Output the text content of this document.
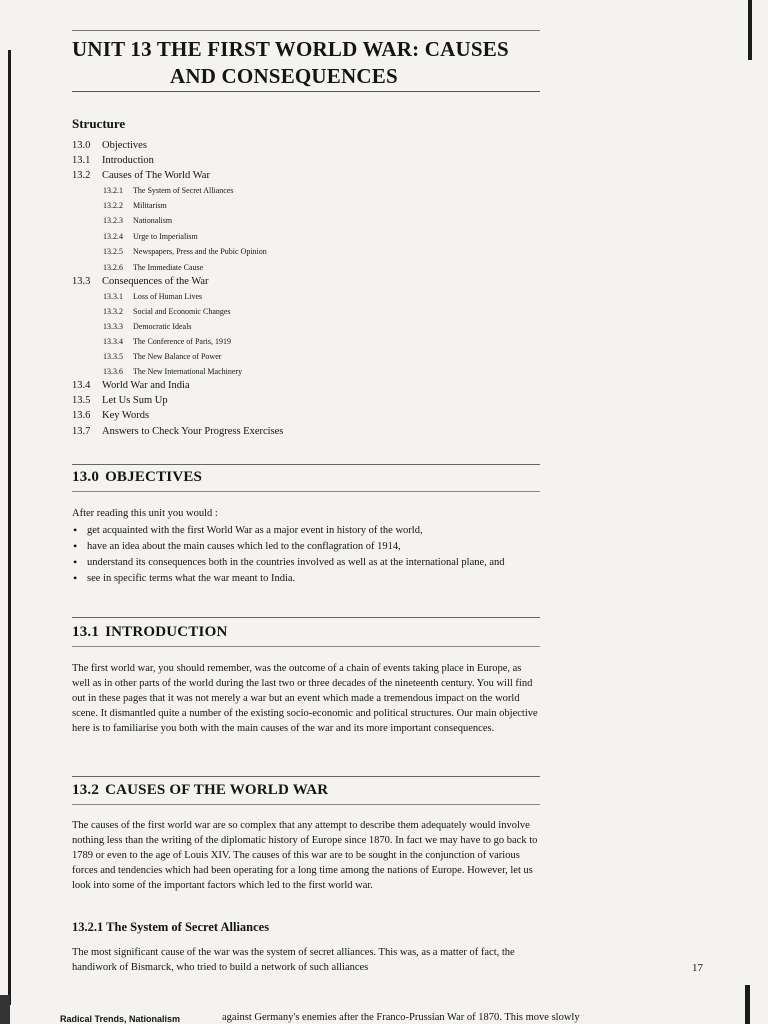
UNIT 13 THE FIRST WORLD WAR: CAUSES
AND CONSEQUENCES
Structure
13.0 Objectives
13.1 Introduction
13.2 Causes of The World War
13.2.1 The System of Secret Alliances
13.2.2 Militarism
13.2.3 Nationalism
13.2.4 Urge to Imperialism
13.2.5 Newspapers, Press and the Pubic Opinion
13.2.6 The Immediate Cause
13.3 Consequences of the War
13.3.1 Loss of Human Lives
13.3.2 Social and Economic Changes
13.3.3 Democratic Ideals
13.3.4 The Conference of Paris, 1919
13.3.5 The New Balance of Power
13.3.6 The New International Machinery
13.4 World War and India
13.5 Let Us Sum Up
13.6 Key Words
13.7 Answers to Check Your Progress Exercises
13.0 OBJECTIVES

After reading this unit you would :

• get acquainted with the first World War as a major event in history of the world,
• have an idea about the main causes which led to the conflagration of 1914,
• understand its consequences both in the countries involved as well as at the international plane, and
• see in specific terms what the war meant to India.
13.1 INTRODUCTION

The first world war, you should remember, was the outcome of a chain of events taking place in Europe, as well as in other parts of the world during the last two or three decades of the nineteenth century. You will find out in these pages that it was not merely a war but an event which made a tremendous impact on the world scene. It dismantled quite a number of the existing socio-economic and political structures. Our main objective here is to familiarise you both with the main causes of the war and its more important consequences.

13.2 CAUSES OF THE WORLD WAR

The causes of the first world war are so complex that any attempt to describe them adequately would involve nothing less than the writing of the diplomatic history of Europe since 1870. In fact we may have to go back to 1789 or even to the age of Louis XIV. The causes of this war are to be sought in the conjunction of various forces and tendencies which had been operating for a long time among the nations of Europe. However, let us look into some of the important factors which led to the first world war.

13.2.1 The System of Secret Alliances

The most significant cause of the war was the system of secret alliances. This was, as a matter of fact, the handiwork of Bismarck, who tried to build a network of such alliances	17
Radical Trends, Nationalism	against Germany's enemies after the Franco-Prussian War of 1870. This move slowly
